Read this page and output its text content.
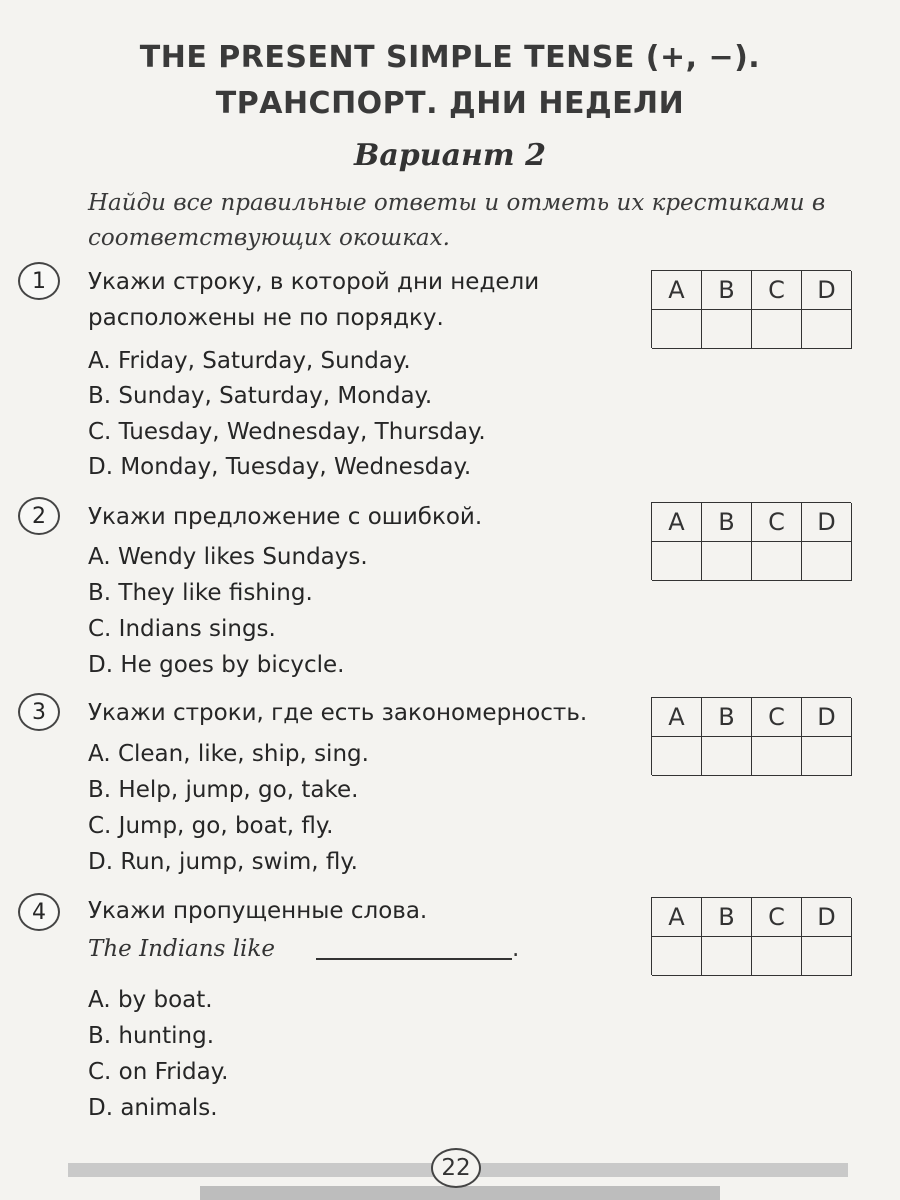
THE PRESENT SIMPLE TENSE (+, −).
ТРАНСПОРТ. ДНИ НЕДЕЛИ
Вариант 2
Найди все правильные ответы и отметь их крестиками в соответствующих окошках.
1	Укажи строку, в которой дни недели расположены не по порядку.
A. Friday, Saturday, Sunday.
B. Sunday, Saturday, Monday.
C. Tuesday, Wednesday, Thursday.
D. Monday, Tuesday, Wednesday.
A	B	C	D
2	Укажи предложение с ошибкой.
A. Wendy likes Sundays.
B. They like fishing.
C. Indians sings.
D. He goes by bicycle.
A	B	C	D
3	Укажи строки, где есть закономерность.
A. Clean, like, ship, sing.
B. Help, jump, go, take.
C. Jump, go, boat, fly.
D. Run, jump, swim, fly.
A	B	C	D
4	Укажи пропущенные слова.
The Indians like	.
A. by boat.
B. hunting.
C. on Friday.
D. animals.
A	B	C	D
22
